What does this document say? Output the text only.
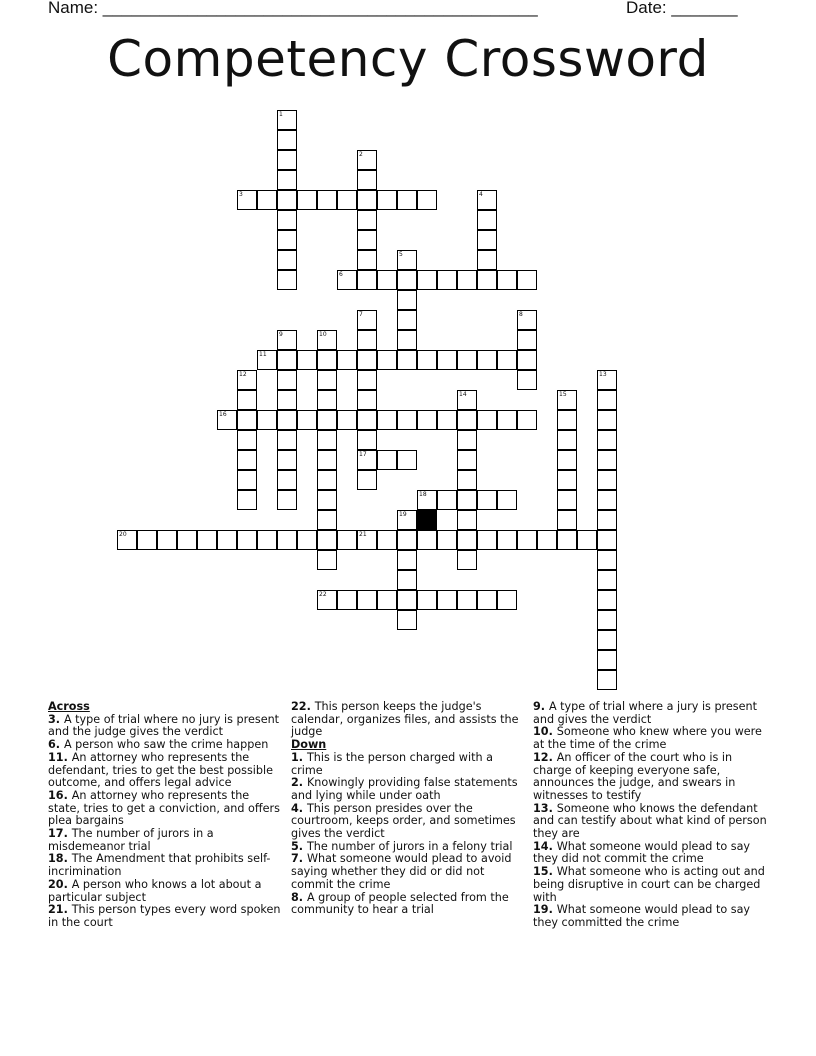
Name: ______________________________________________	Date: _______
Competency Crossword
1
2
3	4
5
6
7
17
8
9	10
11
12	13
14	15
16
18
19
20	21
22
Across
3. A type of trial where no jury is present and the judge gives the verdict
6. A person who saw the crime happen
11. An attorney who represents the defendant, tries to get the best possible outcome, and offers legal advice
16. An attorney who represents the state, tries to get a conviction, and offers plea bargains
17. The number of jurors in a misdemeanor trial
18. The Amendment that prohibits self-incrimination
20. A person who knows a lot about a particular subject
21. This person types every word spoken in the court
22. This person keeps the judge's calendar, organizes files, and assists the judge
Down
1. This is the person charged with a crime
2. Knowingly providing false statements and lying while under oath
4. This person presides over the courtroom, keeps order, and sometimes gives the verdict
5. The number of jurors in a felony trial
7. What someone would plead to avoid saying whether they did or did not commit the crime
8. A group of people selected from the community to hear a trial
9. A type of trial where a jury is present and gives the verdict
10. Someone who knew where you were at the time of the crime
12. An officer of the court who is in charge of keeping everyone safe, announces the judge, and swears in witnesses to testify
13. Someone who knows the defendant and can testify about what kind of person they are
14. What someone would plead to say they did not commit the crime
15. What someone who is acting out and being disruptive in court can be charged with
19. What someone would plead to say they committed the crime
